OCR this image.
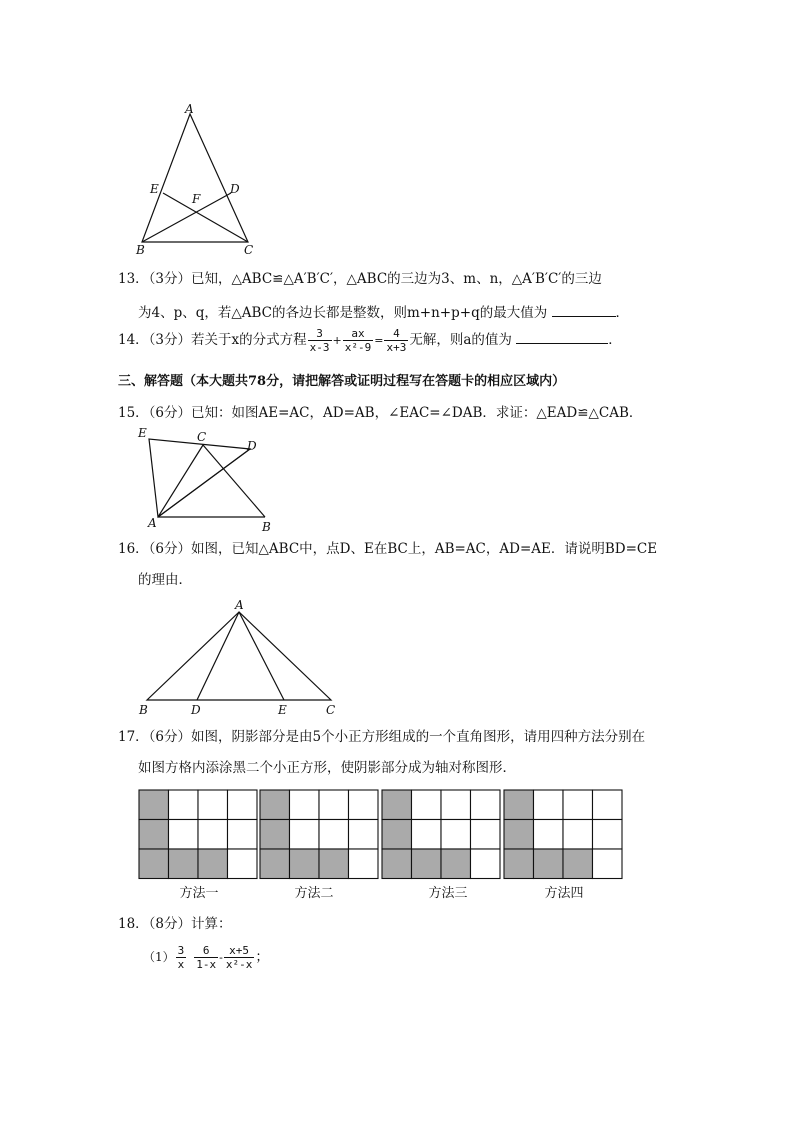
A
E	D
F
B	C
13．（3分）已知，△ABC≌△A′B′C′，△ABC的三边为3、m、n，△A′B′C′的三边
为4、p、q，若△ABC的各边长都是整数，则m+n+p+q的最大值为	．
14．（3分）若关于x的分式方程 $\frac{3}{x-3} + \frac{ax}{\text{x²-9}} = \frac{4}{x+3}$ 无解，则a的值为	．
三、解答题（本大题共78分，请把解答或证明过程写在答题卡的相应区域内）
15．（6分）已知：如图AE=AC，AD=AB，∠EAC=∠DAB．求证：△EAD≌△CAB．
E	C
D
A	B
16．（6分）如图，已知△ABC中，点D、E在BC上，AB=AC，AD=AE．请说明BD=CE
的理由．
A
B	D	E	C
17．（6分）如图，阴影部分是由5个小正方形组成的一个直角图形，请用四种方法分别在
如图方格内添涂黑二个小正方形，使阴影部分成为轴对称图形．
方法一	方法二	方法三	方法四
18．（8分）计算：
$(1) \frac{3}{x} \frac{6}{1-x} - \frac{x+5}{\text{x²-x}}$ ；
